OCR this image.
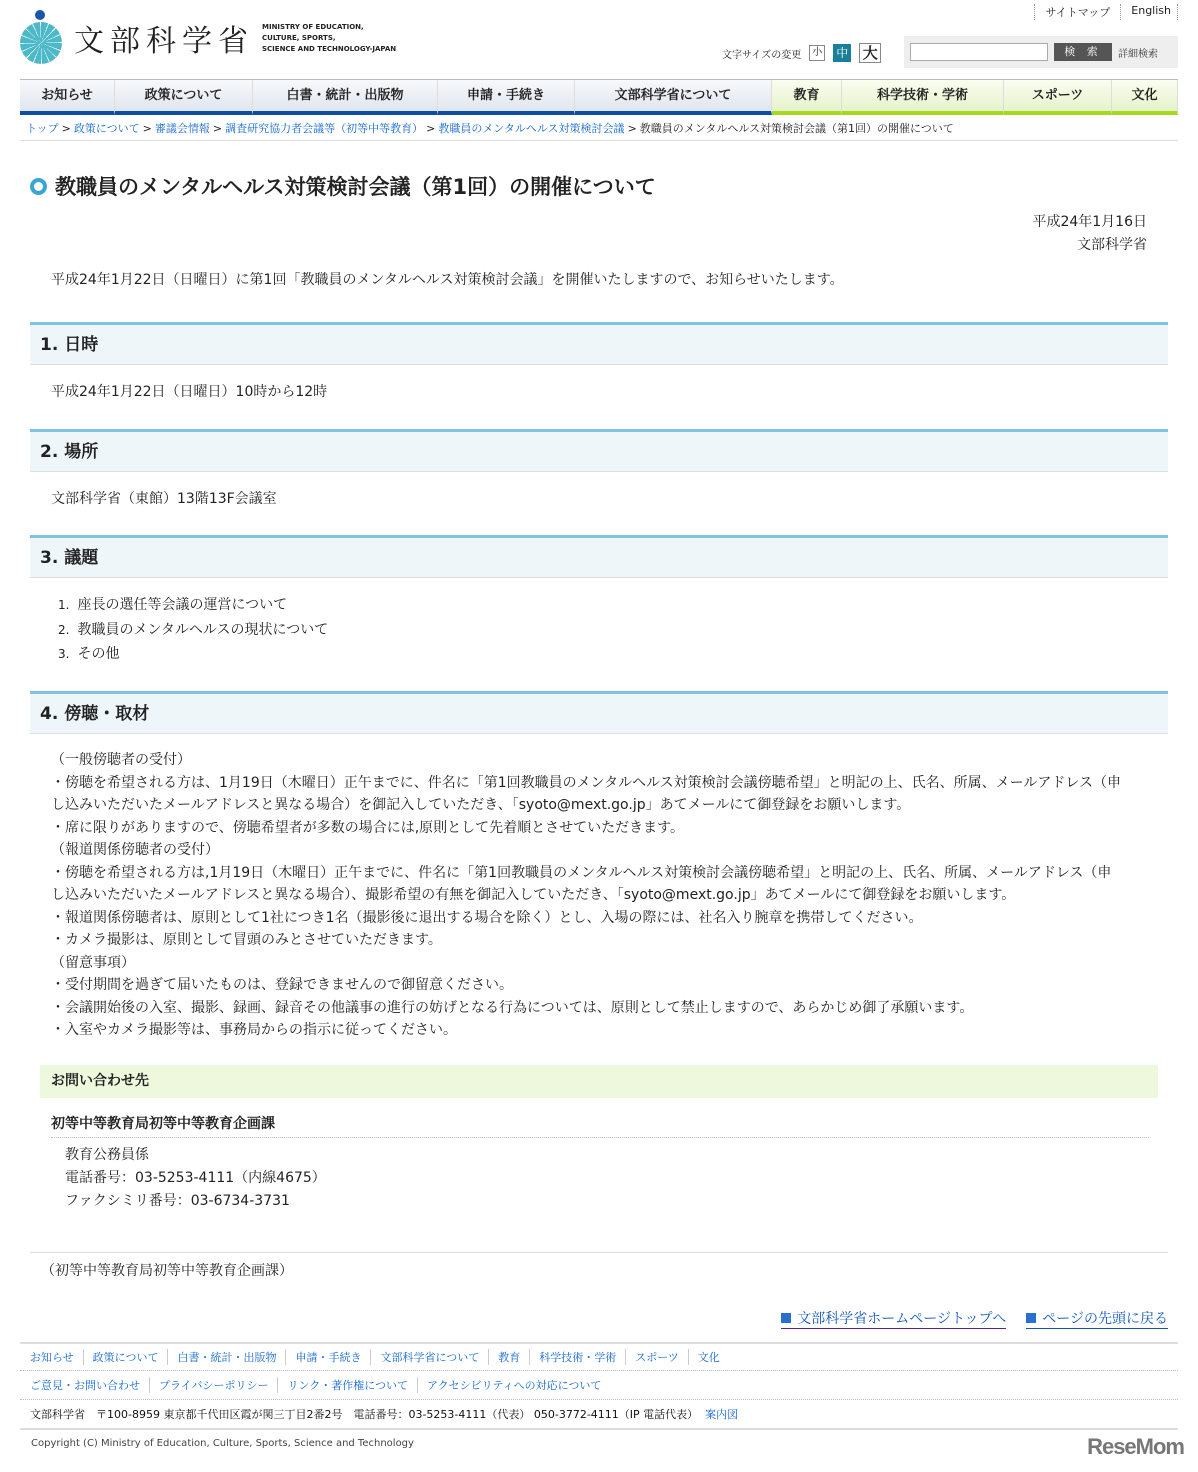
文部科学省 MINISTRY OF EDUCATION,
CULTURE, SPORTS,
SCIENCE AND TECHNOLOGY-JAPAN
サイトマップ	English
文字サイズの変更	小 中 大	検 索	詳細検索
お知らせ	政策について	白書・統計・出版物	申請・手続き	文部科学省について	教育	科学技術・学術	スポーツ	文化
トップ > 政策について > 審議会情報 > 調査研究協力者会議等（初等中等教育） > 教職員のメンタルヘルス対策検討会議 > 教職員のメンタルヘルス対策検討会議（第1回）の開催について
教職員のメンタルヘルス対策検討会議（第1回）の開催について
平成24年1月16日
文部科学省
平成24年1月22日（日曜日）に第1回「教職員のメンタルヘルス対策検討会議」を開催いたしますので、お知らせいたします。
1. 日時
平成24年1月22日（日曜日）10時から12時
2. 場所
文部科学省（東館）13階13F会議室
3. 議題
1. 座長の選任等会議の運営について
2. 教職員のメンタルヘルスの現状について
3. その他
4. 傍聴・取材
（一般傍聴者の受付）
・傍聴を希望される方は、1月19日（木曜日）正午までに、件名に「第1回教職員のメンタルヘルス対策検討会議傍聴希望」と明記の上、氏名、所属、メールアドレス（申
し込みいただいたメールアドレスと異なる場合）を御記入していただき、「syoto@mext.go.jp」あてメールにて御登録をお願いします。
・席に限りがありますので、傍聴希望者が多数の場合には,原則として先着順とさせていただきます。
（報道関係傍聴者の受付）
・傍聴を希望される方は,1月19日（木曜日）正午までに、件名に「第1回教職員のメンタルヘルス対策検討会議傍聴希望」と明記の上、氏名、所属、メールアドレス（申
し込みいただいたメールアドレスと異なる場合）、撮影希望の有無を御記入していただき、「syoto@mext.go.jp」あてメールにて御登録をお願いします。
・報道関係傍聴者は、原則として1社につき1名（撮影後に退出する場合を除く）とし、入場の際には、社名入り腕章を携帯してください。
・カメラ撮影は、原則として冒頭のみとさせていただきます。
（留意事項）
・受付期間を過ぎて届いたものは、登録できませんので御留意ください。
・会議開始後の入室、撮影、録画、録音その他議事の進行の妨げとなる行為については、原則として禁止しますので、あらかじめ御了承願います。
・入室やカメラ撮影等は、事務局からの指示に従ってください。
お問い合わせ先
初等中等教育局初等中等教育企画課
教育公務員係
電話番号：03-5253-4111（内線4675）
ファクシミリ番号：03-6734-3731
（初等中等教育局初等中等教育企画課）
文部科学省ホームページトップへ	ページの先頭に戻る
お知らせ	政策について	白書・統計・出版物	申請・手続き	文部科学省について	教育	科学技術・学術	スポーツ	文化
ご意見・お問い合わせ	プライバシーポリシー	リンク・著作権について	アクセシビリティへの対応について
文部科学省　〒100-8959 東京都千代田区霞が関三丁目2番2号　電話番号：03-5253-4111（代表） 050-3772-4111（IP 電話代表）
案内図
Copyright (C) Ministry of Education, Culture, Sports, Science and Technology	ReseMom
